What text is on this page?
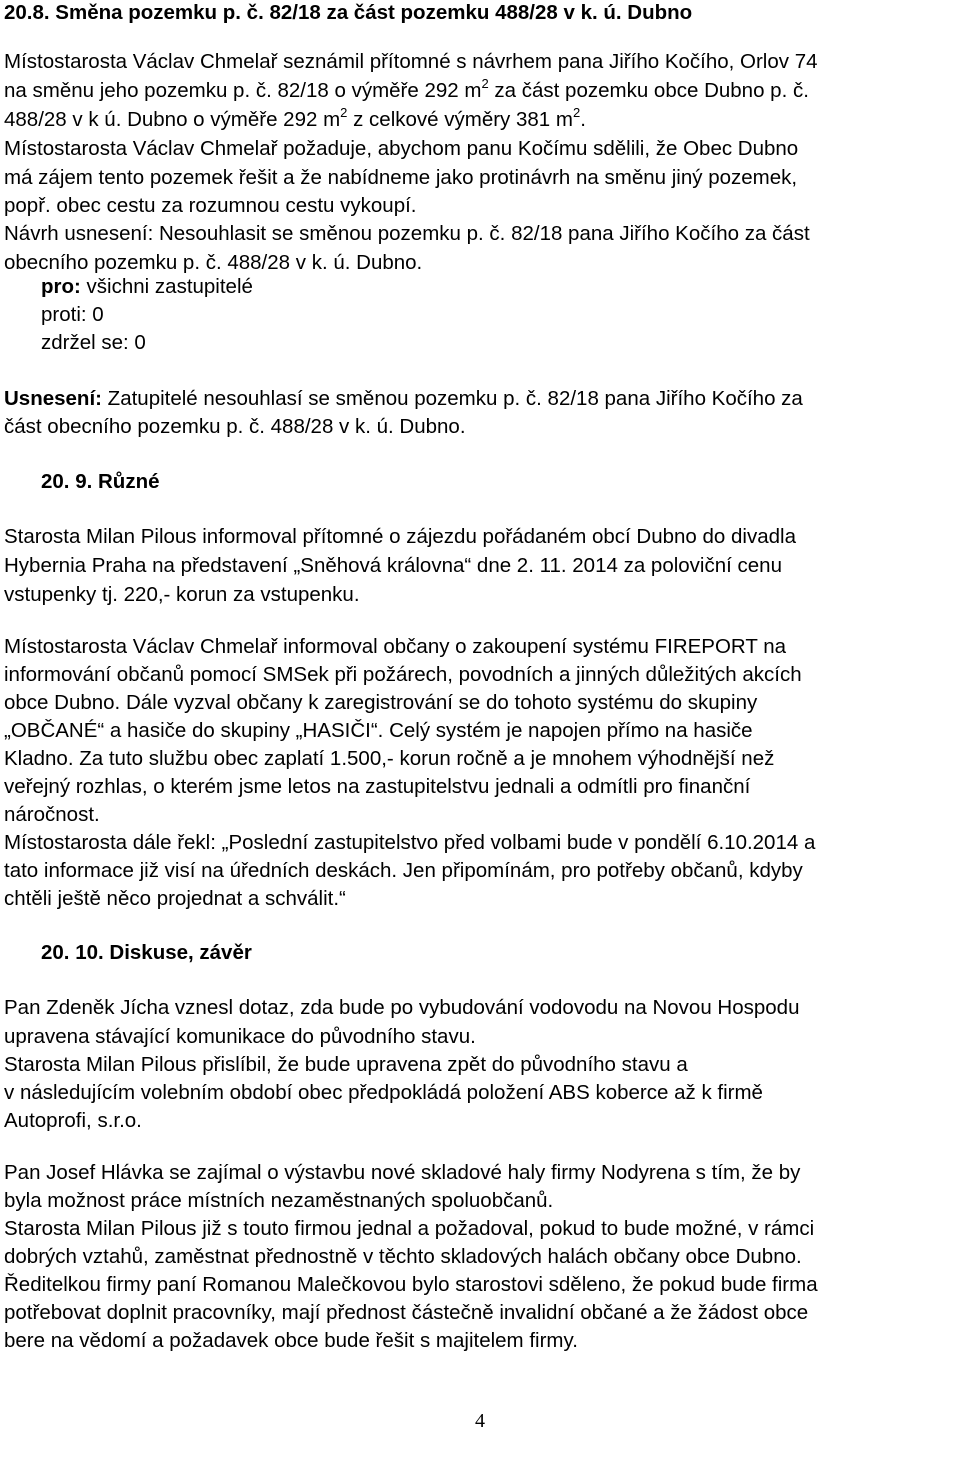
20.8. Směna pozemku p. č. 82/18 za část pozemku 488/28 v k. ú. Dubno
Místostarosta Václav Chmelař seznámil přítomné s návrhem pana Jiřího Kočího, Orlov 74
na směnu jeho pozemku p. č. 82/18 o výměře 292 $m^2$ za část pozemku obce Dubno p. č.
488/28 v k ú. Dubno o výměře 292 $m^2$ z celkové výměry 381 $m^2$.
Místostarosta Václav Chmelař požaduje, abychom panu Kočímu sdělili, že Obec Dubno
má zájem tento pozemek řešit a že nabídneme jako protinávrh na směnu jiný pozemek,
popř. obec cestu za rozumnou cestu vykoupí.
Návrh usnesení: Nesouhlasit se směnou pozemku p. č. 82/18 pana Jiřího Kočího za část
obecního pozemku p. č. 488/28 v k. ú. Dubno.
pro: všichni zastupitelé
proti: 0
zdržel se: 0
Usnesení: Zatupitelé nesouhlasí se směnou pozemku p. č. 82/18 pana Jiřího Kočího za
část obecního pozemku p. č. 488/28 v k. ú. Dubno.
20. 9. Různé
Starosta Milan Pilous informoval přítomné o zájezdu pořádaném obcí Dubno do divadla
Hybernia Praha na představení „Sněhová královna“ dne 2. 11. 2014 za poloviční cenu
vstupenky tj. 220,- korun za vstupenku.
Místostarosta Václav Chmelař informoval občany o zakoupení systému FIREPORT na
informování občanů pomocí SMSek při požárech, povodních a jinných důležitých akcích
obce Dubno. Dále vyzval občany k zaregistrování se do tohoto systému do skupiny
„OBČANÉ“ a hasiče do skupiny „HASIČI“. Celý systém je napojen přímo na hasiče
Kladno. Za tuto službu obec zaplatí 1.500,- korun ročně a je mnohem výhodnější než
veřejný rozhlas, o kterém jsme letos na zastupitelstvu jednali a odmítli pro finanční
náročnost.
Místostarosta dále řekl: „Poslední zastupitelstvo před volbami bude v pondělí 6.10.2014 a
tato informace již visí na úředních deskách. Jen připomínám, pro potřeby občanů, kdyby
chtěli ještě něco projednat a schválit.“
20. 10. Diskuse, závěr
Pan Zdeněk Jícha vznesl dotaz, zda bude po vybudování vodovodu na Novou Hospodu
upravena stávající komunikace do původního stavu.
Starosta Milan Pilous přislíbil, že bude upravena zpět do původního stavu a
v následujícím volebním období obec předpokládá položení ABS koberce až k firmě
Autoprofi, s.r.o.
Pan Josef Hlávka se zajímal o výstavbu nové skladové haly firmy Nodyrena s tím, že by
byla možnost práce místních nezaměstnaných spoluobčanů.
Starosta Milan Pilous již s touto firmou jednal a požadoval, pokud to bude možné, v rámci
dobrých vztahů, zaměstnat přednostně v těchto skladových halách občany obce Dubno.
Ředitelkou firmy paní Romanou Malečkovou bylo starostovi sděleno, že pokud bude firma
potřebovat doplnit pracovníky, mají přednost částečně invalidní občané a že žádost obce
bere na vědomí a požadavek obce bude řešit s majitelem firmy.
4
